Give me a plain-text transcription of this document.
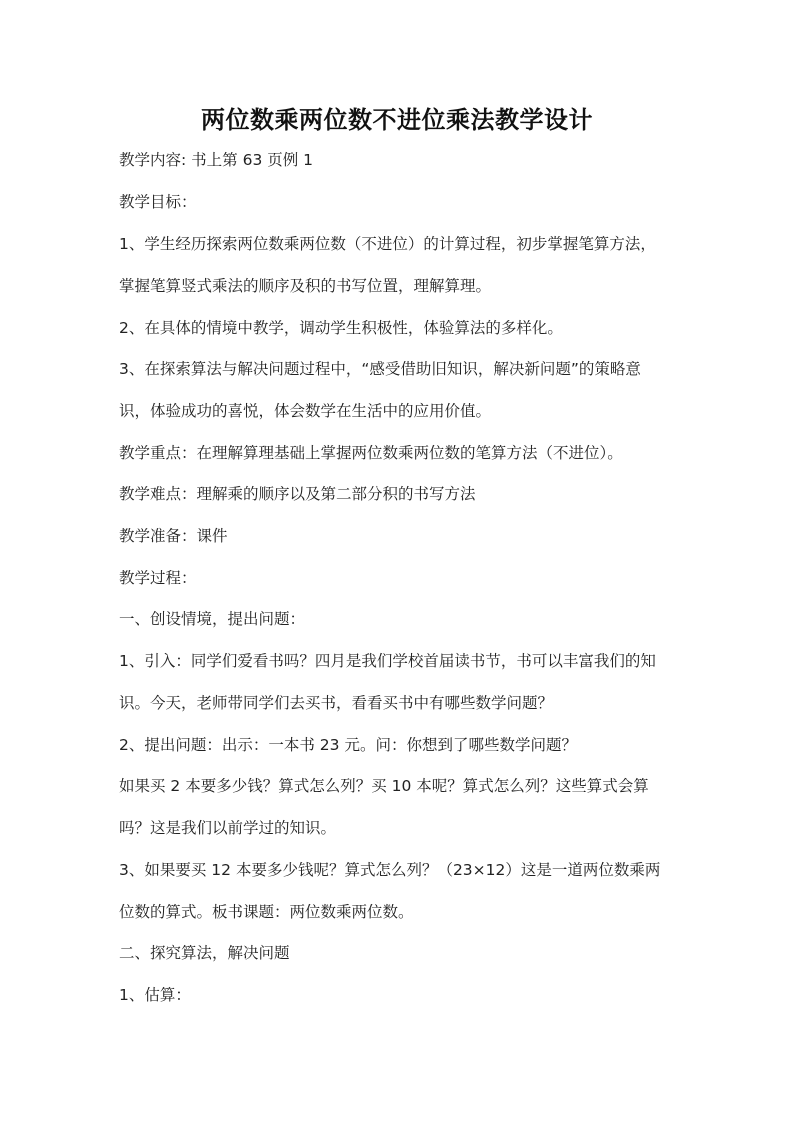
两位数乘两位数不进位乘法教学设计
教学内容: 书上第 63 页例 1
教学目标：
1、学生经历探索两位数乘两位数（不进位）的计算过程，初步掌握笔算方法，
掌握笔算竖式乘法的顺序及积的书写位置，理解算理。
2、在具体的情境中教学，调动学生积极性，体验算法的多样化。
3、在探索算法与解决问题过程中，“感受借助旧知识，解决新问题”的策略意
识，体验成功的喜悦，体会数学在生活中的应用价值。
教学重点：在理解算理基础上掌握两位数乘两位数的笔算方法（不进位）。
教学难点：理解乘的顺序以及第二部分积的书写方法
教学准备：课件
教学过程：
一、创设情境，提出问题：
1、引入：同学们爱看书吗？四月是我们学校首届读书节，书可以丰富我们的知
识。今天，老师带同学们去买书，看看买书中有哪些数学问题？
2、提出问题：出示：一本书 23 元。问：你想到了哪些数学问题？
如果买 2 本要多少钱？算式怎么列？买 10 本呢？算式怎么列？这些算式会算
吗？这是我们以前学过的知识。
3、如果要买 12 本要多少钱呢？算式怎么列？（23×12）这是一道两位数乘两
位数的算式。板书课题：两位数乘两位数。
二、探究算法，解决问题
1、估算：
